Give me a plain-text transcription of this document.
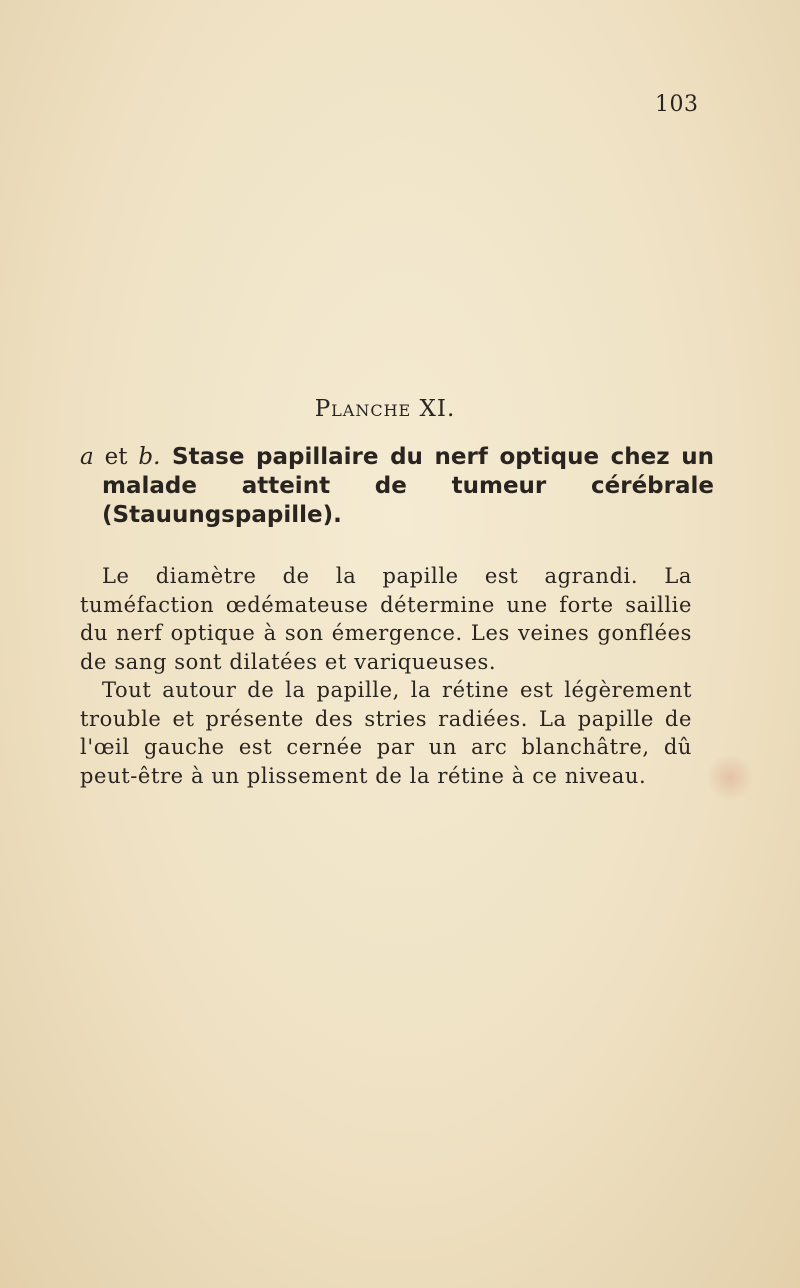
103
Planche XI.
a et b. Stase papillaire du nerf optique chez un malade atteint de tumeur cérébrale (Stauungspapille).

Le diamètre de la papille est agrandi. La tuméfaction œdémateuse détermine une forte saillie du nerf optique à son émergence. Les veines gonflées de sang sont dilatées et variqueuses.

Tout autour de la papille, la rétine est légèrement trouble et présente des stries radiées. La papille de l'œil gauche est cernée par un arc blanchâtre, dû peut-être à un plissement de la rétine à ce niveau.
